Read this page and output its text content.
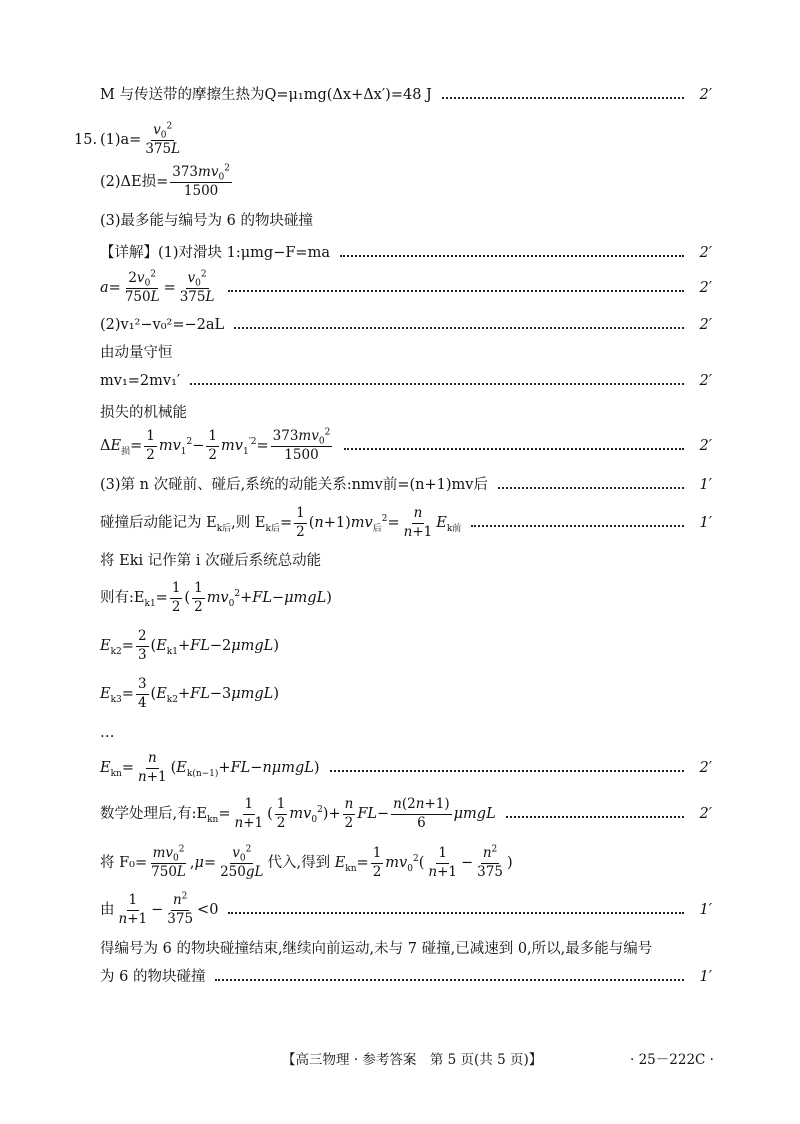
M 与传送带的摩擦生热为Q=μ₁mg(Δx+Δx′)=48 J	2′
15. $(1)a= \frac{v_0^2}{375L}$
(2)ΔE损= $\frac{373mv_0^2}{1500}$
(3)最多能与编号为 6 的物块碰撞
【详解】(1)对滑块 1:μmg−F=ma	2′
$a= \frac{2v_0^2}{750L} = \frac{v_0^2}{375L}$	2′
(2)v₁²−v₀²=−2aL	2′
由动量守恒
mv₁=2mv₁′	2′
损失的机械能
$\Delta E_损= \frac{1}{2} mv_1^2- \frac{1}{2} mv_1^{'2}= \frac{373mv_0^2}{1500}$	2′
(3)第 n 次碰前、碰后,系统的动能关系:nmv前=(n+1)mv后	1′
碰撞后动能记为 $E_{k后}$,则 $E_{k后}= \frac{1}{2} (n+1)mv_后^2= \frac{n}{n+1} E_{k前}$	1′
将 Eki 记作第 i 次碰后系统总动能
则有$:E_{k1}= \frac{1}{2}$ ( $\frac{1}{2} mv_0^2+FL-\mu mgL$)
$E_{k2}= \frac{2}{3} (E_{k1}+FL-2\mu mgL)$
$E_{k3}= \frac{3}{4} (E_{k2}+FL-3\mu mgL)$
…
$E_{kn}= \frac{n}{n+1} (E_{k(n-1)}+FL-n\mu mgL)$	2′
数学处理后,有$:E_{kn}= \frac{1}{n+1}$ ( $\frac{1}{2} mv_0^2)+ \frac{n}{2} FL- \frac{n(2n+1)}{6}$ μmgL	2′
将 $F_0= \frac{mv_0^2}{750L} ,\mu= \frac{v_0^2}{250gL}$ 代入,得到 $E_{kn}= \frac{1}{2} mv_0^2( \frac{1}{n+1} - \frac{n^2}{375}$ )
由 $\frac{1}{n+1} - \frac{n^2}{375} <0$	1′
得编号为 6 的物块碰撞结束,继续向前运动,未与 7 碰撞,已减速到 0,所以,最多能与编号
为 6 的物块碰撞	1′
【高三物理 · 参考答案　第 5 页(共 5 页)】	· 25－222C ·
